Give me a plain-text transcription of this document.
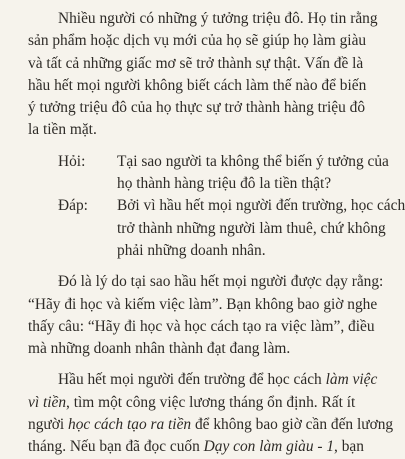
Nhiều người có những ý tưởng triệu đô. Họ tin rằng
sản phẩm hoặc dịch vụ mới của họ sẽ giúp họ làm giàu
và tất cả những giấc mơ sẽ trở thành sự thật. Vấn đề là
hầu hết mọi người không biết cách làm thế nào để biến
ý tưởng triệu đô của họ thực sự trở thành hàng triệu đô
la tiền mặt.
Hỏi: Tại sao người ta không thể biến ý tưởng của
họ thành hàng triệu đô la tiền thật?
Đáp: Bởi vì hầu hết mọi người đến trường, học cách
trở thành những người làm thuê, chứ không
phải những doanh nhân.
Đó là lý do tại sao hầu hết mọi người được dạy rằng:
“Hãy đi học và kiếm việc làm”. Bạn không bao giờ nghe
thấy câu: “Hãy đi học và học cách tạo ra việc làm”, điều
mà những doanh nhân thành đạt đang làm.
Hầu hết mọi người đến trường để học cách làm việc
vì tiền, tìm một công việc lương tháng ổn định. Rất ít
người học cách tạo ra tiền để không bao giờ cần đến lương
tháng. Nếu bạn đã đọc cuốn Dạy con làm giàu - 1, bạn
